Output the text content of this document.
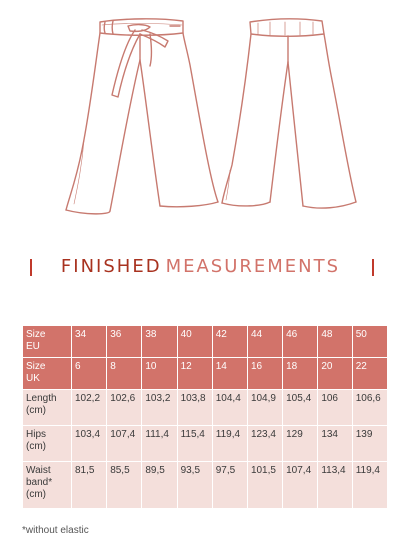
FINISHED MEASUREMENTS
Size
EU	34	36	38	40	42	44	46	48	50
Size
UK	6	8	10	12	14	16	18	20	22
Length
(cm)	102,2	102,6	103,2	103,8	104,4	104,9	105,4	106	106,6
Hips
(cm)	103,4	107,4	111,4	115,4	119,4	123,4	129	134	139
Waist
band*
(cm)	81,5	85,5	89,5	93,5	97,5	101,5	107,4	113,4	119,4
*without elastic
